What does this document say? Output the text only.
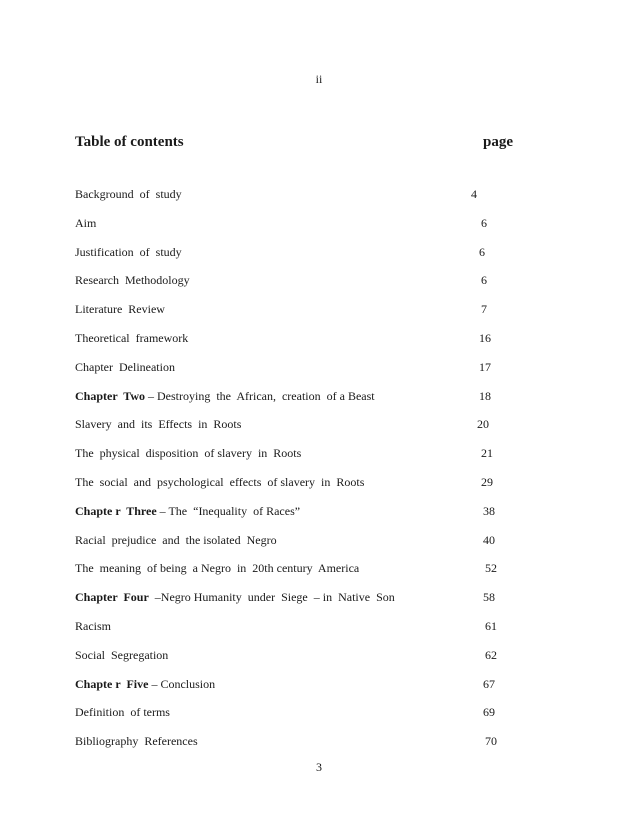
ii
Table of contents	page
Background  of  study	4
Aim	6
Justification  of  study	6
Research  Methodology	6
Literature  Review	7
Theoretical  framework	16
Chapter  Delineation	17
Chapter  Two – Destroying  the  African,  creation  of a Beast	18
Slavery  and  its  Effects  in  Roots	20
The  physical  disposition  of slavery  in  Roots	21
The  social  and  psychological  effects  of slavery  in  Roots	29
Chapte r  Three – The  “Inequality  of Races”	38
Racial  prejudice  and  the isolated  Negro	40
The  meaning  of being  a Negro  in  20th century  America	52
Chapter  Four  –Negro Humanity  under  Siege  – in  Native  Son	58
Racism	61
Social  Segregation	62
Chapte r  Five – Conclusion	67
Definition  of terms	69
Bibliography  References	70
3
